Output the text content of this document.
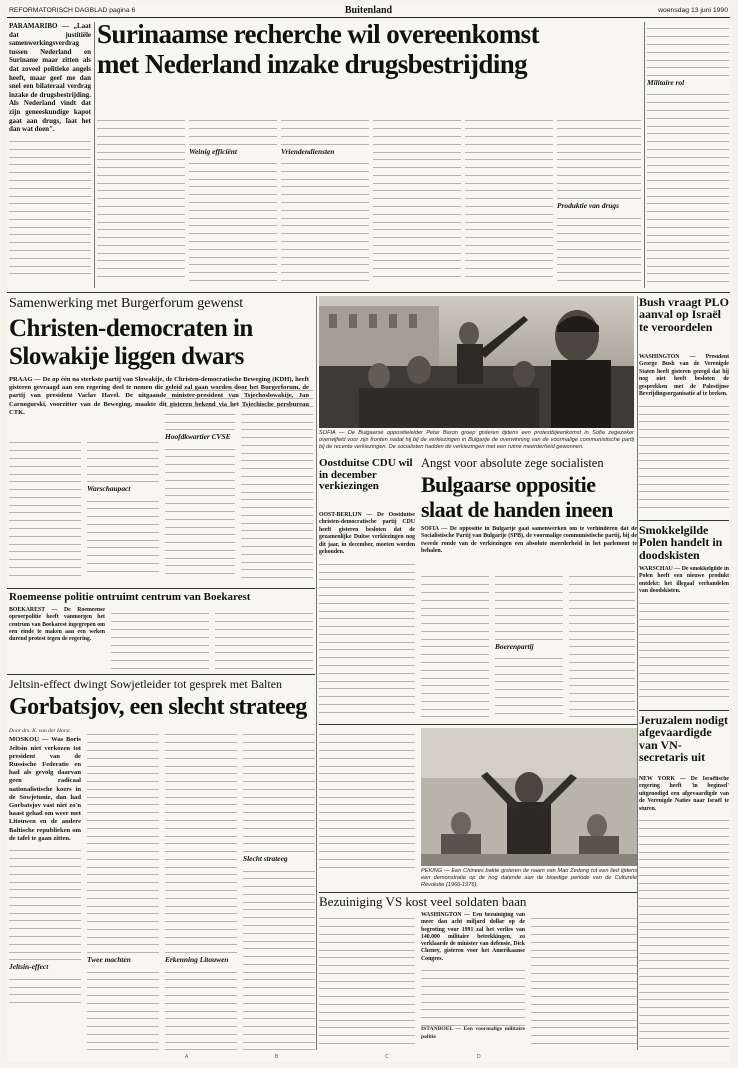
REFORMATORISCH DAGBLAD pagina 6	Buitenland	woensdag 13 juni 1990

PARAMARIBO — „Laat dat justitiële samenwerkingsverdrag tussen Nederland en Suriname maar zitten als dat zoveel politieke angels heeft, maar geef me dan snel een bilateraal verdrag inzake de drugsbestrijding. Als Nederland vindt dat zijn geneeskundige kapot gaat aan drugs, laat het dan wat doen".

Surinaamse recherche wil overeenkomst
met Nederland inzake drugsbestrijding

Weinig efficiënt	Vriendendiensten

Produktie van drugs

Militaire rol

Samenwerking met Burgerforum gewenst
Christen-democraten in
Slowakije liggen dwars

PRAAG — De op één na sterkste partij van Slowakije, de Christen-democratische Beweging (KDH), heeft gisteren gevraagd aan een regering deel te nemen die geleid zal gaan worden door het Burgerforum, de partij van president Vaclav Havel. De uitgaande minister-president van Tsjechoslowakije, Jan Carnogurski, voorzitter van de Beweging, maakte dit gisteren bekend via het Tsjechische persbureau CTK.

Warschaupact

Hoofdkwartier CVSE	SOFIA — De Bulgaarse oppositieleider Petar Baron groep gisteren tijdens een protestbijeenkomst in Sofia zegezeker overwijfeld voor zijn fronten nadat hij bij de verkiezingen in Bulgarije de overwinning van de voormalige communistische partij bij de recente verkiezingen. De socialisten hadden de verkiezingen met een ruime meerderheid gewonnen.
Bush vraagt PLO aanval op Israël te veroordelen

WASHINGTON — President George Bush van de Verenigde Staten heeft gisteren gezegd dat hij nog niet heeft besloten de gesprekken met de Palestijnse Bevrijdingsorganisatie af te breken.

Smokkelgilde Polen handelt in doodskisten

WARSCHAU — De smokkelgilde in Polen heeft een nieuwe produkt ontdekt: het illegaal verhandelen van doodskisten.

Oostduitse CDU wil in december verkiezingen

OOST-BERLIJN — De Oostduitse christen-democratische partij CDU heeft gisteren besloten dat de gezamenlijke Duitse verkiezingen nog dit jaar, in december, moeten worden gehouden.

Angst voor absolute zege socialisten
Bulgaarse oppositie
slaat de handen ineen

SOFIA — De oppositie in Bulgarije gaat samenwerken om te verhinderen dat de Socialistische Partij van Bulgarije (SPB), de voormalige communistische partij, bij de tweede ronde van de verkiezingen een absolute meerderheid in het parlement te behalen.

Boerenpartij

Roemeense politie ontruimt centrum van Boekarest

BOEKAREST — De Roemeense oproerpolitie heeft vanmorgen het centrum van Boekarest ingegrepen om een einde te maken aan een weken durend protest tegen de regering.

Jeltsin-effect dwingt Sowjetleider tot gesprek met Balten
Gorbatsjov, een slecht strateeg

Door drs. K. van der Horst

MOSKOU — Was Boris Jeltsin niet verkozen tot president van de Russische Federatie en had als gevolg daarvan geen radicaal nationalistische koers in de Sowjetunie, dan had Gorbatsjov vast niet zo'n haast gehad om weer met Litouwen en de andere Baltische republieken om de tafel te gaan zitten.

Jeltsin-effect

Twee machten	Erkenning Litouwen

Slecht strateeg

PEKING — Een Chinees bakte gisteren de naam van Mao Zedong tot een lied tijdens een demonstratie op de nog datende aan de bloedige periode van de Culturele Revolutie (1966-1976).
Bezuiniging VS kost veel soldaten baan

WASHINGTON — Een bezuiniging van meer dan acht miljard dollar op de begroting voor 1991 zal het verlies van 140.000 militaire betrekkingen, zo verklaarde de minister van defensie, Dick Cheney, gisteren voor het Amerikaanse Congres.

ISTANBOEL — Een voormalige militaire politie

Jeruzalem nodigt afgevaardigde van VN-secretaris uit

NEW YORK — De Israëlische regering heeft 'in beginsel' uitgenodigd een afgevaardigde van de Verenigde Naties naar Israël te sturen.

A	B	C	D
